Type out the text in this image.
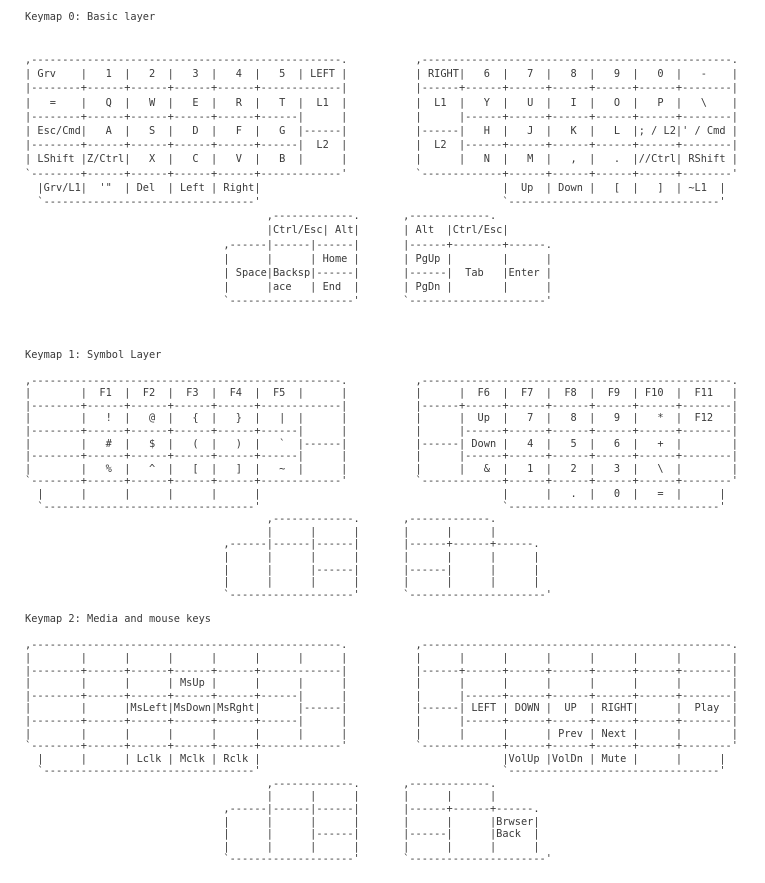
Keymap 0: Basic layer
,--------------------------------------------------.           ,--------------------------------------------------.
| Grv    |   1  |   2  |   3  |   4  |   5  | LEFT |           | RIGHT|   6  |   7  |   8  |   9  |   0  |   -    |
|--------+------+------+------+------+-------------|           |------+------+------+------+------+------+--------|
|   =    |   Q  |   W  |   E  |   R  |   T  |  L1  |           |  L1  |   Y  |   U  |   I  |   O  |   P  |   \    |
|--------+------+------+------+------+------|      |           |      |------+------+------+------+------+--------|
| Esc/Cmd|   A  |   S  |   D  |   F  |   G  |------|           |------|   H  |   J  |   K  |   L  |; / L2|' / Cmd |
|--------+------+------+------+------+------|  L2  |           |  L2  |------+------+------+------+------+--------|
| LShift |Z/Ctrl|   X  |   C  |   V  |   B  |      |           |      |   N  |   M  |   ,  |   .  |//Ctrl| RShift |
`--------+------+------+------+------+-------------'           `-------------+------+------+------+------+--------'
|Grv/L1|  '"  | Del  | Left | Right|                                       |  Up  | Down |   [  |   ]  | ~L1  |
`----------------------------------'                                       `----------------------------------'
,-------------.       ,-------------.
|Ctrl/Esc| Alt|       | Alt  |Ctrl/Esc|
,------|------|------|       |------+--------+------.
|      |      | Home |       | PgUp |        |      |
| Space|Backsp|------|       |------|  Tab   |Enter |
|      |ace   | End  |       | PgDn |        |      |
`--------------------'       `----------------------'
Keymap 1: Symbol Layer
,--------------------------------------------------.           ,--------------------------------------------------.
|        |  F1  |  F2  |  F3  |  F4  |  F5  |      |           |      |  F6  |  F7  |  F8  |  F9  | F10  |  F11   |
|--------+------+------+------+------+-------------|           |------+------+------+------+------+------+--------|
|        |   !  |   @  |   {  |   }  |   |  |      |           |      |  Up  |   7  |   8  |   9  |   *  |  F12   |
|--------+------+------+------+------+------|      |           |      |------+------+------+------+------+--------|
|        |   #  |   $  |   (  |   )  |   `  |------|           |------| Down |   4  |   5  |   6  |   +  |        |
|--------+------+------+------+------+------|      |           |      |------+------+------+------+------+--------|
|        |   %  |   ^  |   [  |   ]  |   ~  |      |           |      |   &  |   1  |   2  |   3  |   \  |        |
`--------+------+------+------+------+-------------'           `-------------+------+------+------+------+--------'
|      |      |      |      |      |                                       |      |   .  |   0  |   =  |      |
`----------------------------------'                                       `----------------------------------'
,-------------.       ,-------------.
|      |      |       |      |      |
,------|------|------|       |------+------+------.
|      |      |      |       |      |      |      |
|      |      |------|       |------|      |      |
|      |      |      |       |      |      |      |
`--------------------'       `----------------------'
Keymap 2: Media and mouse keys
,--------------------------------------------------.           ,--------------------------------------------------.
|        |      |      |      |      |      |      |           |      |      |      |      |      |      |        |
|--------+------+------+------+------+-------------|           |------+------+------+------+------+------+--------|
|        |      |      | MsUp |      |      |      |           |      |      |      |      |      |      |        |
|--------+------+------+------+------+------|      |           |      |------+------+------+------+------+--------|
|        |      |MsLeft|MsDown|MsRght|      |------|           |------| LEFT | DOWN |  UP  | RIGHT|      |  Play  |
|--------+------+------+------+------+------|      |           |      |------+------+------+------+------+--------|
|        |      |      |      |      |      |      |           |      |      |      | Prev | Next |      |        |
`--------+------+------+------+------+-------------'           `-------------+------+------+------+------+--------'
|      |      | Lclk | Mclk | Rclk |                                       |VolUp |VolDn | Mute |      |      |
`----------------------------------'                                       `----------------------------------'
,-------------.       ,-------------.
|      |      |       |      |      |
,------|------|------|       |------+------+------.
|      |      |      |       |      |      |Brwser|
|      |      |------|       |------|      |Back  |
|      |      |      |       |      |      |      |
`--------------------'       `----------------------'
